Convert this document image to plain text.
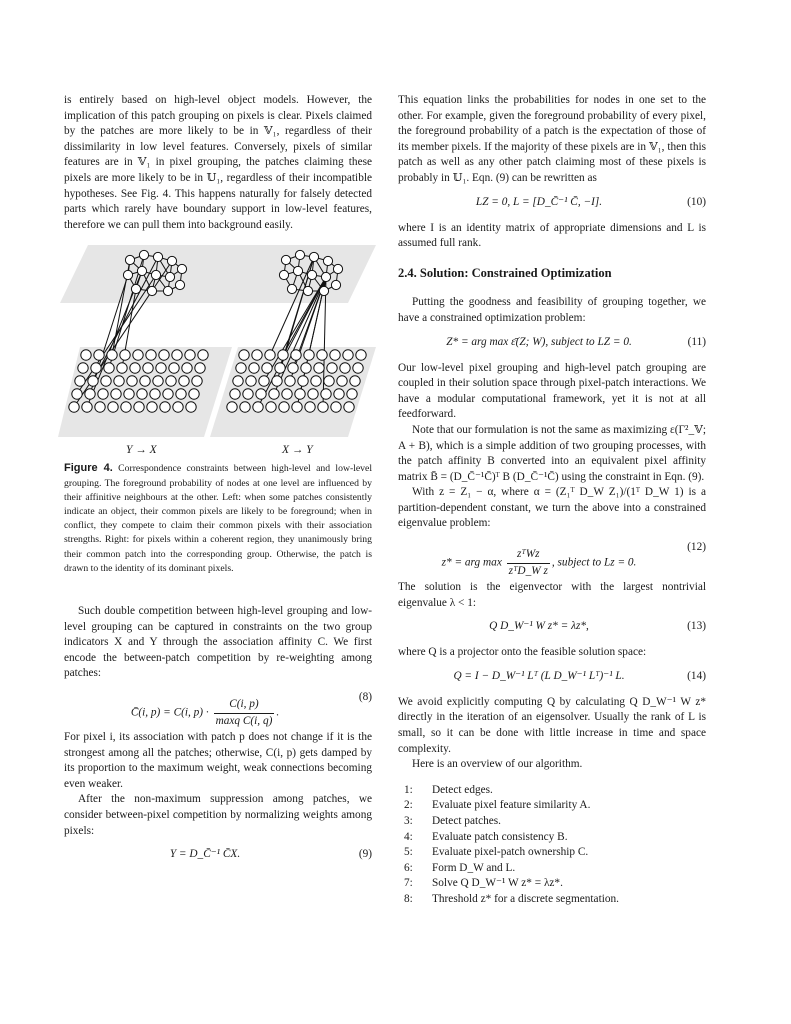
is entirely based on high-level object models. However, the implication of this patch grouping on pixels is clear. Pixels claimed by the patches are more likely to be in 𝕍₁, regardless of their dissimilarity in low level features. Conversely, pixels of similar features are in 𝕍₁ in pixel grouping, the patches claiming these pixels are more likely to be in 𝕌₁, regardless of their incompatible hypotheses. See Fig. 4. This happens naturally for falsely detected parts which rarely have boundary support in low-level features, therefore we can pull them into background easily.

Y → X	X → Y
Figure 4. Correspondence constraints between high-level and low-level grouping. The foreground probability of nodes at one level are influenced by their affinitive neighbours at the other. Left: when some patches consistently indicate an object, their common pixels are likely to be foreground; when in conflict, they compete to claim their common pixels with their association strengths. Right: for pixels within a coherent region, they unanimously bring their common patch into the corresponding group. Otherwise, the patch is drawn to the identity of its dominant pixels.

Such double competition between high-level grouping and low-level grouping can be captured in constraints on the two group indicators X and Y through the association affinity C. We first encode the between-patch competition by re-weighting among patches:

C̄(i, p) = C(i, $p) \cdot \frac{C(i, p)}{\text{maxq C(i, q)}}$ .
(8)

For pixel i, its association with patch p does not change if it is the strongest among all the patches; otherwise, C(i, p) gets damped by its proportion to the maximum weight, weak connections becoming even weaker.

After the non-maximum suppression among patches, we consider between-pixel competition by normalizing weights among pixels:

Y = D_C̄⁻¹ C̄X.	(9)

This equation links the probabilities for nodes in one set to the other. For example, given the foreground probability of every pixel, the foreground probability of a patch is the expectation of those of its member pixels. If the majority of these pixels are in 𝕍₁, then this patch as well as any other patch claiming most of these pixels is probably in 𝕌₁. Eqn. (9) can be rewritten as

LZ = 0, L = [D_C̄⁻¹ C̄, −I].	(10)

where I is an identity matrix of appropriate dimensions and L is assumed full rank.

2.4. Solution: Constrained Optimization

Putting the goodness and feasibility of grouping together, we have a constrained optimization problem:

Z* = arg max ε̄(Z; W), subject to LZ = 0.	(11)

Our low-level pixel grouping and high-level patch grouping are coupled in their solution space through pixel-patch interactions. We have a modular computational framework, yet it is not at all feedforward.

Note that our formulation is not the same as maximizing ε(Γ²_𝕍; A + B), which is a simple addition of two grouping processes, with the patch affinity B converted into an equivalent pixel affinity matrix B̄ = (D_C̄⁻¹C̄)ᵀ B (D_C̄⁻¹C̄) using the constraint in Eqn. (9).

With z = Z₁ − α, where α = (Z₁ᵀ D_W Z₁)/(1ᵀ D_W 1) is a partition-dependent constant, we turn the above into a constrained eigenvalue problem:

z* = arg $\max \frac{\text{zᵀWz}}{\text{zᵀD\_W z}}$ , subject to Lz = 0.
(12)

The solution is the eigenvector with the largest nontrivial eigenvalue λ < 1:

Q D_W⁻¹ W z* = λz*,	(13)

where Q is a projector onto the feasible solution space:

Q = I − D_W⁻¹ Lᵀ (L D_W⁻¹ Lᵀ)⁻¹ L.	(14)

We avoid explicitly computing Q by calculating Q D_W⁻¹ W z* directly in the iteration of an eigensolver. Usually the rank of L is small, so it can be done with little increase in time and space complexity.

Here is an overview of our algorithm.

1: Detect edges.
2: Evaluate pixel feature similarity A.
3: Detect patches.
4: Evaluate patch consistency B.
5: Evaluate pixel-patch ownership C.
6: Form D_W and L.
7: Solve Q D_W⁻¹ W z* = λz*.
8: Threshold z* for a discrete segmentation.
